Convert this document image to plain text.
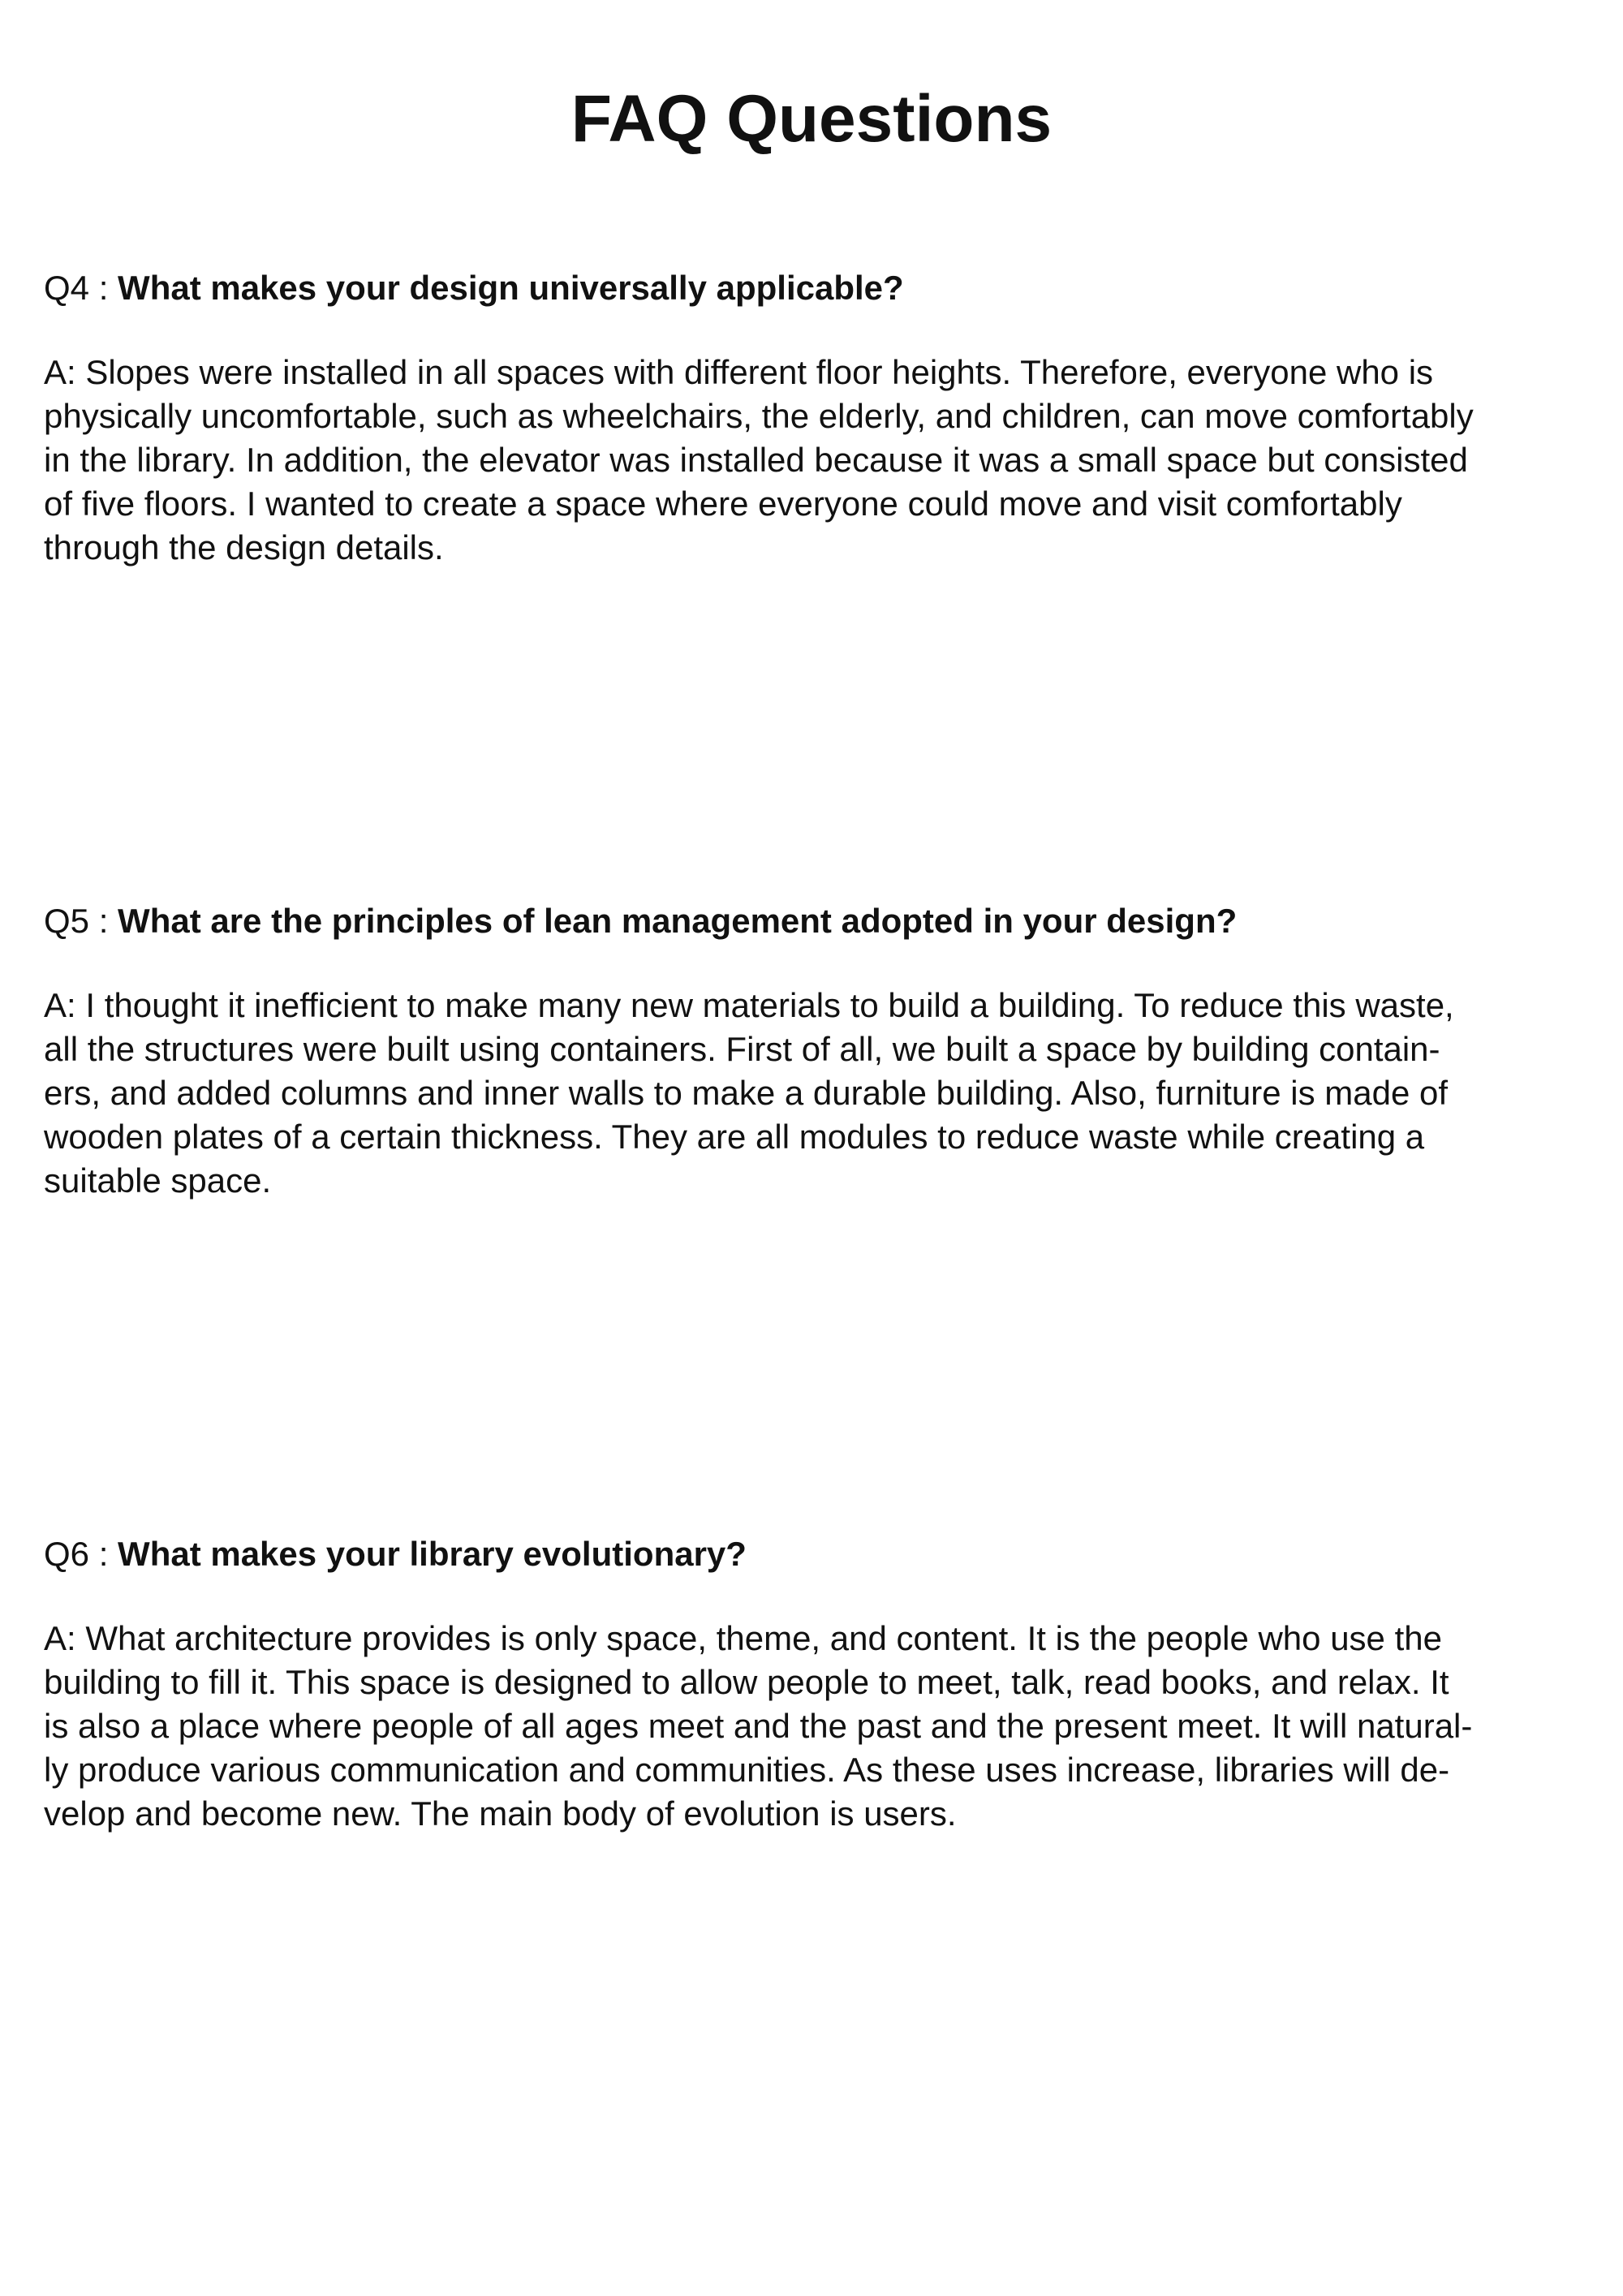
FAQ Questions

Q4 : What makes your design universally applicable?

A: Slopes were installed in all spaces with different floor heights. Therefore, everyone who is
physically uncomfortable, such as wheelchairs, the elderly, and children, can move comfortably
in the library. In addition, the elevator was installed because it was a small space but consisted
of five floors. I wanted to create a space where everyone could move and visit comfortably
through the design details.

Q5 : What are the principles of lean management adopted in your design?

A: I thought it inefficient to make many new materials to build a building. To reduce this waste,
all the structures were built using containers. First of all, we built a space by building contain-
ers, and added columns and inner walls to make a durable building. Also, furniture is made of
wooden plates of a certain thickness. They are all modules to reduce waste while creating a
suitable space.

Q6 : What makes your library evolutionary?

A: What architecture provides is only space, theme, and content. It is the people who use the
building to fill it. This space is designed to allow people to meet, talk, read books, and relax. It
is also a place where people of all ages meet and the past and the present meet. It will natural-
ly produce various communication and communities. As these uses increase, libraries will de-
velop and become new. The main body of evolution is users.
